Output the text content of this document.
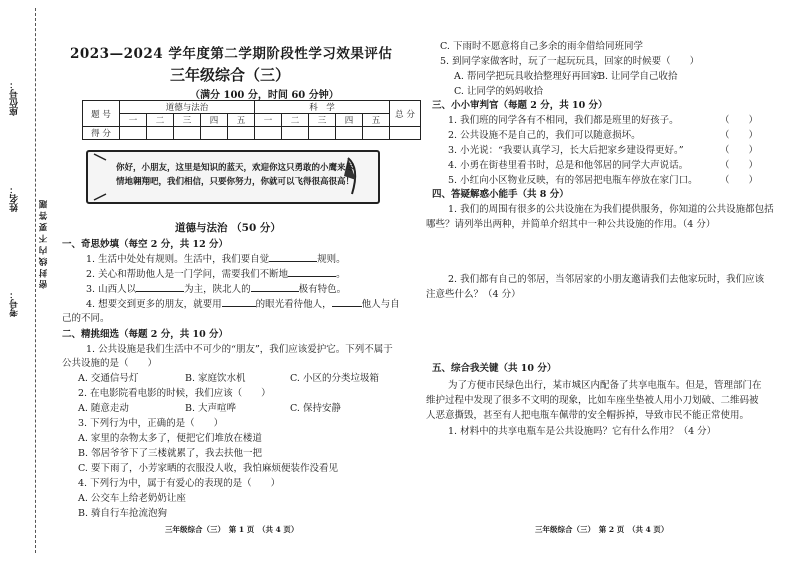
座位号：
姓名：
考号：
密 封 线 内 不 要 答 题
2023—2024 学年度第二学期阶段性学习效果评估
三年级综合（三）
（满分 100 分，时间 60 分钟）
题 号	道德与法治					科　学					总 分
	一	二	三	四	五	一	二	三	四	五	
得 分											
你好，小朋友，这里是知识的蓝天，欢迎你这只勇敢的小鹰来尽情地翱翔吧，我们相信，只要你努力，你就可以飞得很高很高！
道德与法治 （50 分）
一、奇思妙填（每空 2 分，共 12 分）
1. 生活中处处有规则。生活中，我们要自觉	规则。
2. 关心和帮助他人是一门学问，需要我们不断地	。
3. 山西人以	为主，陕北人的	极有特色。
4. 想要交到更多的朋友，就要用	的眼光看待他人，	他人与自
己的不同。
二、精挑细选（每题 2 分，共 10 分）
1. 公共设施是我们生活中不可少的“朋友”，我们应该爱护它。下列不属于
公共设施的是（　　）
A. 交通信号灯	B. 家庭饮水机	C. 小区的分类垃圾箱
2. 在电影院看电影的时候，我们应该（　　）
A. 随意走动	B. 大声喧哗	C. 保持安静
3. 下列行为中，正确的是（　　）
A. 家里的杂物太多了，便把它们堆放在楼道
B. 邻居爷爷下了三楼就累了，我去扶他一把
C. 要下雨了，小芳家晒的衣服没人收，我怕麻烦便装作没看见
4. 下列行为中，属于有爱心的表现的是（　　）
A. 公交车上给老奶奶让座
B. 骑自行车抢流泡狗
三年级综合（三）　第 1 页　（共 4 页）
C. 下雨时不愿意将自己多余的雨伞借给同班同学
5. 到同学家做客时，玩了一起玩玩具，回家的时候要（　　）
A. 帮同学把玩具收拾整理好再回家
B. 让同学自己收拾
C. 让同学的妈妈收拾
三、小小审判官（每题 2 分，共 10 分）
1. 我们班的同学各有不相同，我们都是班里的好孩子。	（　　）
2. 公共设施不是自己的，我们可以随意损坏。	（　　）
3. 小光说：“我要认真学习，长大后把家乡建设得更好。”	（　　）
4. 小勇在街巷里看书时，总是和他邻居的同学大声说话。	（　　）
5. 小红向小区物业反映，有的邻居把电瓶车停放在家门口。 （　　）
四、答疑解惑小能手（共 8 分）
1. 我们的周围有很多的公共设施在为我们提供服务，你知道的公共设施都包括
哪些？请列举出两种，并简单介绍其中一种公共设施的作用。（4 分）
2. 我们都有自己的邻居，当邻居家的小朋友邀请我们去他家玩时，我们应该
注意些什么？（4 分）
五、综合我关键（共 10 分）
为了方便市民绿色出行，某市城区内配备了共享电瓶车。但是，管理部门在
维护过程中发现了很多不文明的现象，比如车座坐垫被人用小刀划破、二维码被
人恶意撕毁，甚至有人把电瓶车佩带的安全帽拆掉，导致市民不能正常使用。
1. 材料中的共享电瓶车是公共设施吗？它有什么作用？（4 分）
三年级综合（三）　第 2 页　（共 4 页）
